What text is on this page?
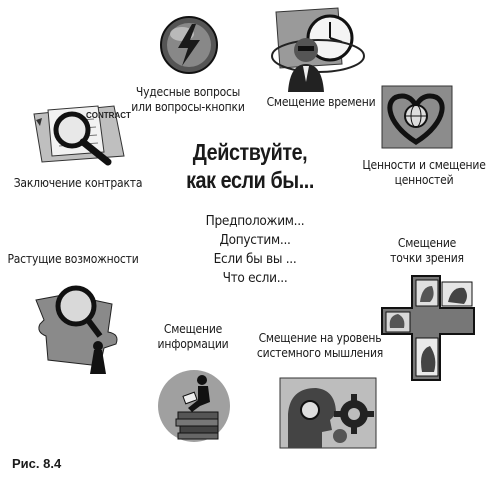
CONTRACT
Чудесные вопросы
или вопросы-кнопки	Смещение времени
Ценности и смещение
ценностей
Смещение
точки зрения
Смещение на уровень
системного мышления
Смещение
информации
Растущие возможности
Заключение контракта
Действуйте,
как если бы...
Предположим...
Допустим...
Если бы вы ...
Что если...
Рис. 8.4
